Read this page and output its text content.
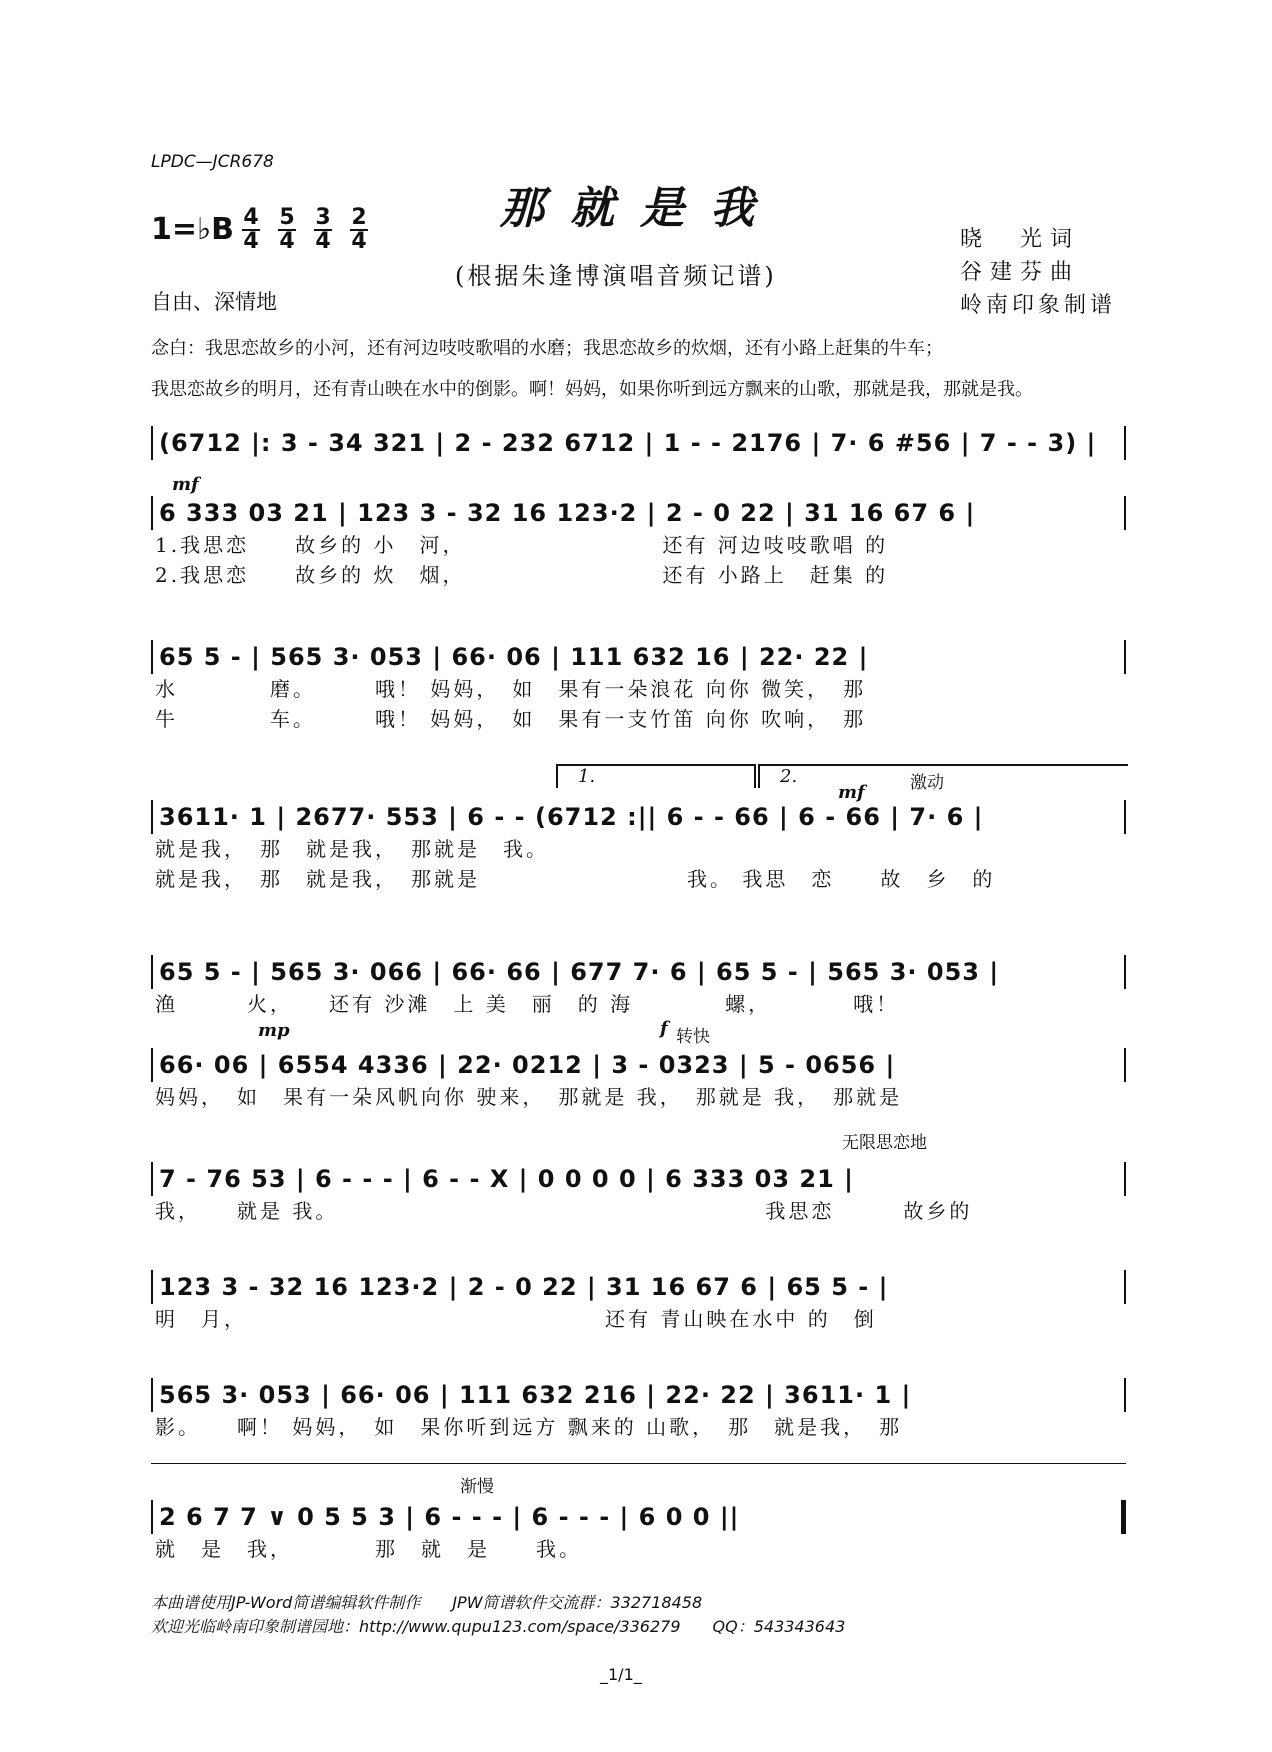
LPDC—JCR678
那就是我
1=♭B $\frac{4}{4} \frac{5}{4} \frac{3}{4} \frac{2}{4}$
(根据朱逢博演唱音频记谱)
晓　光词
谷建芬曲
岭南印象制谱
自由、深情地
念白：我思恋故乡的小河，还有河边吱吱歌唱的水磨；我思恋故乡的炊烟，还有小路上赶集的牛车；
我思恋故乡的明月，还有青山映在水中的倒影。啊！妈妈，如果你听到远方飘来的山歌，那就是我，那就是我。
(6712 |: 3 - 34 321 | 2 - 232 6712 | 1 - - 2176 | 7· 6 #56 | 7 - - 3) |
mf
6 333 03 21 | 123 3 - 32 16 123·2 | 2 - 0 22 | 31 16 67 6 |
1.我思恋　　故乡的 小　河，　　　　　　　　　还有 河边吱吱歌唱 的
2.我思恋　　故乡的 炊　烟，　　　　　　　　　还有 小路上　赶集 的
65 5 - | 565 3· 053 | 66· 06 | 111 632 16 | 22· 22 |
水　　　　磨。　　　哦！ 妈妈，　如　果有一朵浪花 向你 微笑，　那
牛　　　　车。　　　哦！ 妈妈，　如　果有一支竹笛 向你 吹响，　那
1.	2.
mf	激动
3611· 1 | 2677· 553 | 6 - - (6712 :|| 6 - - 66 | 6 - 66 | 7· 6 |
就是我，　那　就是我，　那就是　我。
就是我，　那　就是我，　那就是　　　　　　　　　我。 我思　恋　　故　乡　的
65 5 - | 565 3· 066 | 66· 66 | 677 7· 6 | 65 5 - | 565 3· 053 |
渔　　　火，　　还有 沙滩　上 美　丽　的 海　　　　螺，　　　　哦！
mp	f 转快
66· 06 | 6554 4336 | 22· 0212 | 3 - 0323 | 5 - 0656 |
妈妈，　如　果有一朵风帆向你 驶来，　那就是 我，　那就是 我，　那就是
无限思恋地
7 - 76 53 | 6 - - - | 6 - - X | 0 0 0 0 | 6 333 03 21 |
我，　　就是 我。　　　　　　　　　　　　　　　　　　　我思恋　　　故乡的
123 3 - 32 16 123·2 | 2 - 0 22 | 31 16 67 6 | 65 5 - |
明　月，　　　　　　　　　　　　　　　　还有 青山映在水中 的　倒
565 3· 053 | 66· 06 | 111 632 216 | 22· 22 | 3611· 1 |
影。　　啊！ 妈妈，　如　果你听到远方 飘来的 山歌，　那　就是我，　那
渐慢
2 6 7 7 ∨ 0 5 5 3 | 6 - - - | 6 - - - | 6 0 0 ||
就　是　我，　　　　那　就　是　　我。
本曲谱使用JP-Word简谱编辑软件制作　　JPW简谱软件交流群：332718458
欢迎光临岭南印象制谱园地：http://www.qupu123.com/space/336279　　QQ：543343643
_1/1_
